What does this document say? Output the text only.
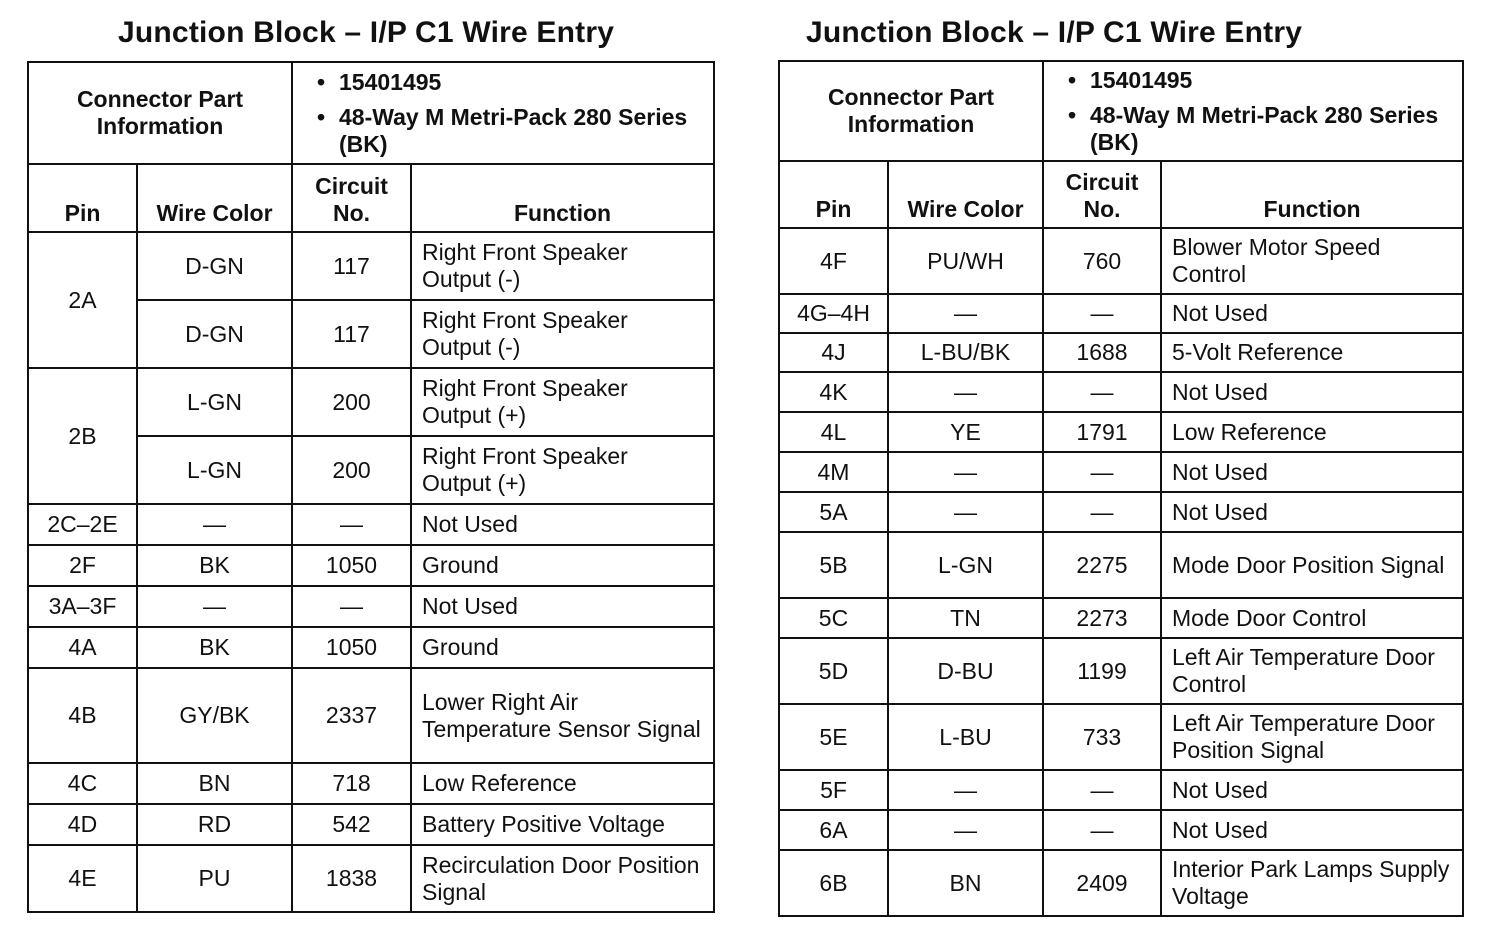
Junction Block – I/P C1 Wire Entry
Connector Part Information		• 15401495
• 48-Way M Metri-Pack 280 Series (BK)	

Pin	Wire Color	Circuit No.	Function
2A	D-GN	117	Right Front Speaker Output (-)
	D-GN	117	Right Front Speaker Output (-)
2B	L-GN	200	Right Front Speaker Output (+)
	L-GN	200	Right Front Speaker Output (+)
2C–2E	—	—	Not Used
2F	BK	1050	Ground
3A–3F	—	—	Not Used
4A	BK	1050	Ground
4B	GY/BK	2337	Lower Right Air Temperature Sensor Signal
4C	BN	718	Low Reference
4D	RD	542	Battery Positive Voltage
4E	PU	1838	Recirculation Door Position Signal
Junction Block – I/P C1 Wire Entry
Connector Part Information		• 15401495
• 48-Way M Metri-Pack 280 Series (BK)	

Pin	Wire Color	Circuit No.	Function
4F	PU/WH	760	Blower Motor Speed Control
4G–4H	—	—	Not Used
4J	L-BU/BK	1688	5-Volt Reference
4K	—	—	Not Used
4L	YE	1791	Low Reference
4M	—	—	Not Used
5A	—	—	Not Used
5B	L-GN	2275	Mode Door Position Signal
5C	TN	2273	Mode Door Control
5D	D-BU	1199	Left Air Temperature Door Control
5E	L-BU	733	Left Air Temperature Door Position Signal
5F	—	—	Not Used
6A	—	—	Not Used
6B	BN	2409	Interior Park Lamps Supply Voltage
